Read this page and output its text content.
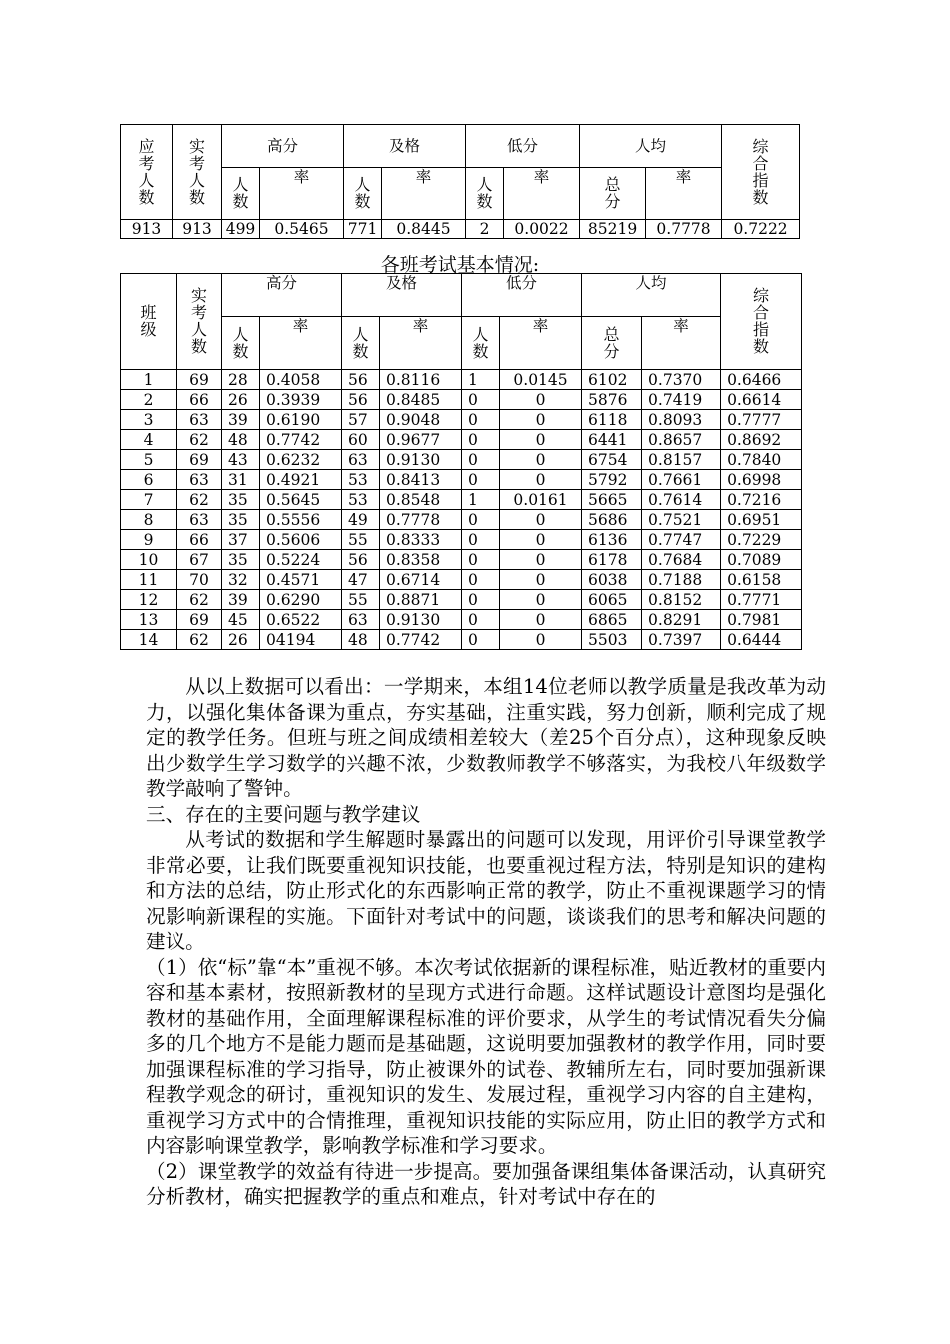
应考人数	实考人数	高分		及格		低分		人均		综合指数
		人数	率	人数	率	人数	率	总分	率	
913	913	499	0.5465	771	0.8445	2	0.0022	85219	0.7778	0.7222
各班考试基本情况:
班级	实考人数	高分		及格		低分		人均		综合指数
		人数	率	人数	率	人数	率	总分	率	
1	69	28	0.4058	56	0.8116	1	0.0145	6102	0.7370	0.6466
2	66	26	0.3939	56	0.8485	0	0	5876	0.7419	0.6614
3	63	39	0.6190	57	0.9048	0	0	6118	0.8093	0.7777
4	62	48	0.7742	60	0.9677	0	0	6441	0.8657	0.8692
5	69	43	0.6232	63	0.9130	0	0	6754	0.8157	0.7840
6	63	31	0.4921	53	0.8413	0	0	5792	0.7661	0.6998
7	62	35	0.5645	53	0.8548	1	0.0161	5665	0.7614	0.7216
8	63	35	0.5556	49	0.7778	0	0	5686	0.7521	0.6951
9	66	37	0.5606	55	0.8333	0	0	6136	0.7747	0.7229
10	67	35	0.5224	56	0.8358	0	0	6178	0.7684	0.7089
11	70	32	0.4571	47	0.6714	0	0	6038	0.7188	0.6158
12	62	39	0.6290	55	0.8871	0	0	6065	0.8152	0.7771
13	69	45	0.6522	63	0.9130	0	0	6865	0.8291	0.7981
14	62	26	04194	48	0.7742	0	0	5503	0.7397	0.6444

从以上数据可以看出：一学期来，本组14位老师以教学质量是我改革为动力，以强化集体备课为重点，夯实基础，注重实践，努力创新，顺利完成了规定的教学任务。但班与班之间成绩相差较大（差25个百分点），这种现象反映出少数学生学习数学的兴趣不浓，少数教师教学不够落实，为我校八年级数学教学敲响了警钟。

三、存在的主要问题与教学建议

从考试的数据和学生解题时暴露出的问题可以发现，用评价引导课堂教学非常必要，让我们既要重视知识技能，也要重视过程方法，特别是知识的建构和方法的总结，防止形式化的东西影响正常的教学，防止不重视课题学习的情况影响新课程的实施。下面针对考试中的问题，谈谈我们的思考和解决问题的建议。

（1）依“标”靠“本”重视不够。本次考试依据新的课程标准，贴近教材的重要内容和基本素材，按照新教材的呈现方式进行命题。这样试题设计意图均是强化教材的基础作用，全面理解课程标准的评价要求，从学生的考试情况看失分偏多的几个地方不是能力题而是基础题，这说明要加强教材的教学作用，同时要加强课程标准的学习指导，防止被课外的试卷、教辅所左右，同时要加强新课程教学观念的研讨，重视知识的发生、发展过程，重视学习内容的自主建构，重视学习方式中的合情推理，重视知识技能的实际应用，防止旧的教学方式和内容影响课堂教学，影响教学标准和学习要求。

（2）课堂教学的效益有待进一步提高。要加强备课组集体备课活动，认真研究分析教材，确实把握教学的重点和难点，针对考试中存在的
